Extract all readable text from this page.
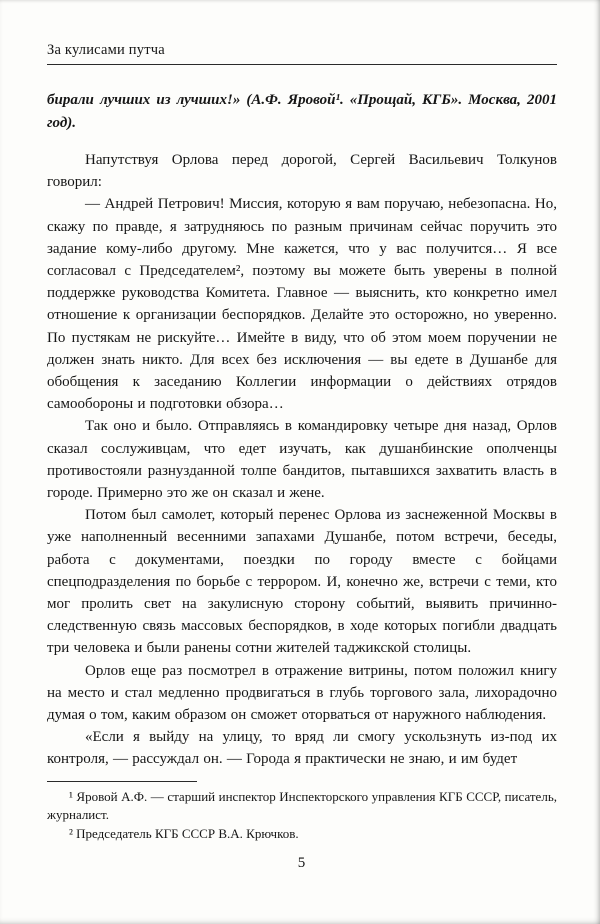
За кулисами путча

бирали лучших из лучших!» (А.Ф. Яровой¹. «Прощай, КГБ». Москва, 2001 год).

Напутствуя Орлова перед дорогой, Сергей Васильевич Толкунов говорил:

— Андрей Петрович! Миссия, которую я вам поручаю, небезопасна. Но, скажу по правде, я затрудняюсь по разным причинам сейчас поручить это задание кому-либо другому. Мне кажется, что у вас получится… Я все согласовал с Председателем², поэтому вы можете быть уверены в полной поддержке руководства Комитета. Главное — выяснить, кто конкретно имел отношение к организации беспорядков. Делайте это осторожно, но уверенно. По пустякам не рискуйте… Имейте в виду, что об этом моем поручении не должен знать никто. Для всех без исключения — вы едете в Душанбе для обобщения к заседанию Коллегии информации о действиях отрядов самообороны и подготовки обзора…

Так оно и было. Отправляясь в командировку четыре дня назад, Орлов сказал сослуживцам, что едет изучать, как душанбинские ополченцы противостояли разнузданной толпе бандитов, пытавшихся захватить власть в городе. Примерно это же он сказал и жене.

Потом был самолет, который перенес Орлова из заснеженной Москвы в уже наполненный весенними запахами Душанбе, потом встречи, беседы, работа с документами, поездки по городу вместе с бойцами спецподразделения по борьбе с террором. И, конечно же, встречи с теми, кто мог пролить свет на закулисную сторону событий, выявить причинно-следственную связь массовых беспорядков, в ходе которых погибли двадцать три человека и были ранены сотни жителей таджикской столицы.

Орлов еще раз посмотрел в отражение витрины, потом положил книгу на место и стал медленно продвигаться в глубь торгового зала, лихорадочно думая о том, каким образом он сможет оторваться от наружного наблюдения.

«Если я выйду на улицу, то вряд ли смогу ускользнуть из-под их контроля, — рассуждал он. — Города я практически не знаю, и им будет

¹ Яровой А.Ф. — старший инспектор Инспекторского управления КГБ СССР, писатель, журналист.

² Председатель КГБ СССР В.А. Крючков.

5
